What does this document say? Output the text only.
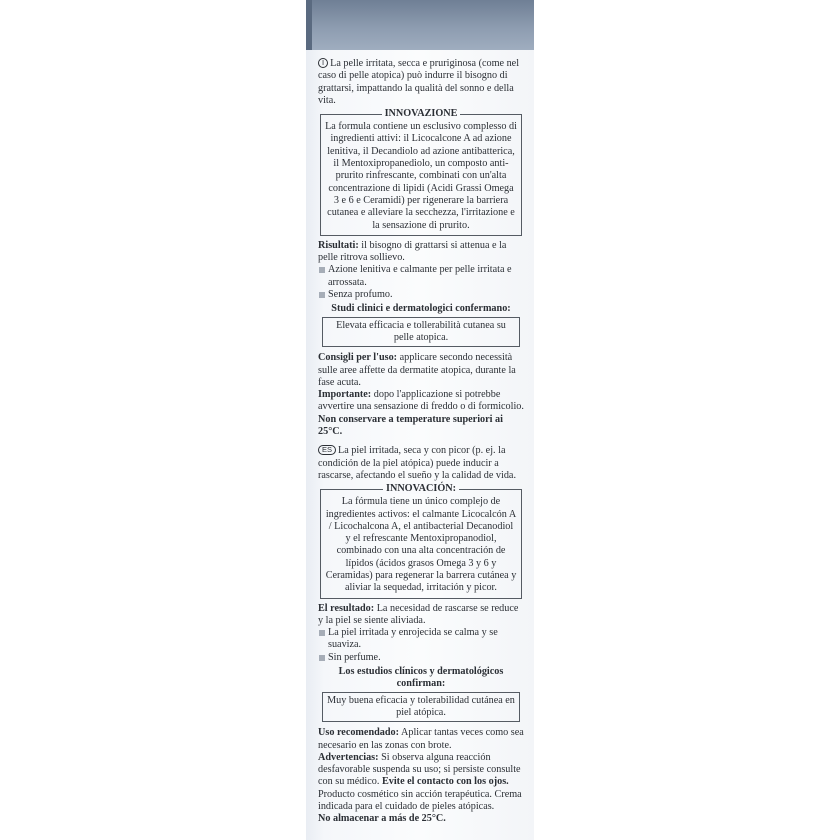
I La pelle irritata, secca e pruriginosa (come nel caso di pelle atopica) può indurre il bisogno di grattarsi, impattando la qualità del sonno e della vita.

INNOVAZIONE

La formula contiene un esclusivo complesso di ingredienti attivi: il Licocalcone A ad azione lenitiva, il Decandiolo ad azione antibatterica, il Mentoxipropanediolo, un composto anti-prurito rinfrescante, combinati con un'alta concentrazione di lipidi (Acidi Grassi Omega 3 e 6 e Ceramidi) per rigenerare la barriera cutanea e alleviare la secchezza, l'irritazione e la sensazione di prurito.

Risultati: il bisogno di grattarsi si attenua e la pelle ritrova sollievo.

Azione lenitiva e calmante per pelle irritata e arrossata.

Senza profumo.

Studi clinici e dermatologici confermano:

Elevata efficacia e tollerabilità cutanea su pelle atopica.

Consigli per l'uso: applicare secondo necessità sulle aree affette da dermatite atopica, durante la fase acuta.

Importante: dopo l'applicazione si potrebbe avvertire una sensazione di freddo o di formicolio.

Non conservare a temperature superiori ai 25°C.

ES La piel irritada, seca y con picor (p. ej. la condición de la piel atópica) puede inducir a rascarse, afectando el sueño y la calidad de vida.

INNOVACIÓN:

La fórmula tiene un único complejo de ingredientes activos: el calmante Licocalcón A / Licochalcona A, el antibacterial Decanodiol y el refrescante Mentoxipropanodiol, combinado con una alta concentración de lípidos (ácidos grasos Omega 3 y 6 y Ceramidas) para regenerar la barrera cutánea y aliviar la sequedad, irritación y picor.

El resultado: La necesidad de rascarse se reduce y la piel se siente aliviada.

La piel irritada y enrojecida se calma y se suaviza.

Sin perfume.

Los estudios clínicos y dermatológicos confirman:

Muy buena eficacia y tolerabilidad cutánea en piel atópica.

Uso recomendado: Aplicar tantas veces como sea necesario en las zonas con brote.

Advertencias: Si observa alguna reacción desfavorable suspenda su uso; si persiste consulte con su médico. Evite el contacto con los ojos. Producto cosmético sin acción terapéutica. Crema indicada para el cuidado de pieles atópicas.

No almacenar a más de 25°C.
